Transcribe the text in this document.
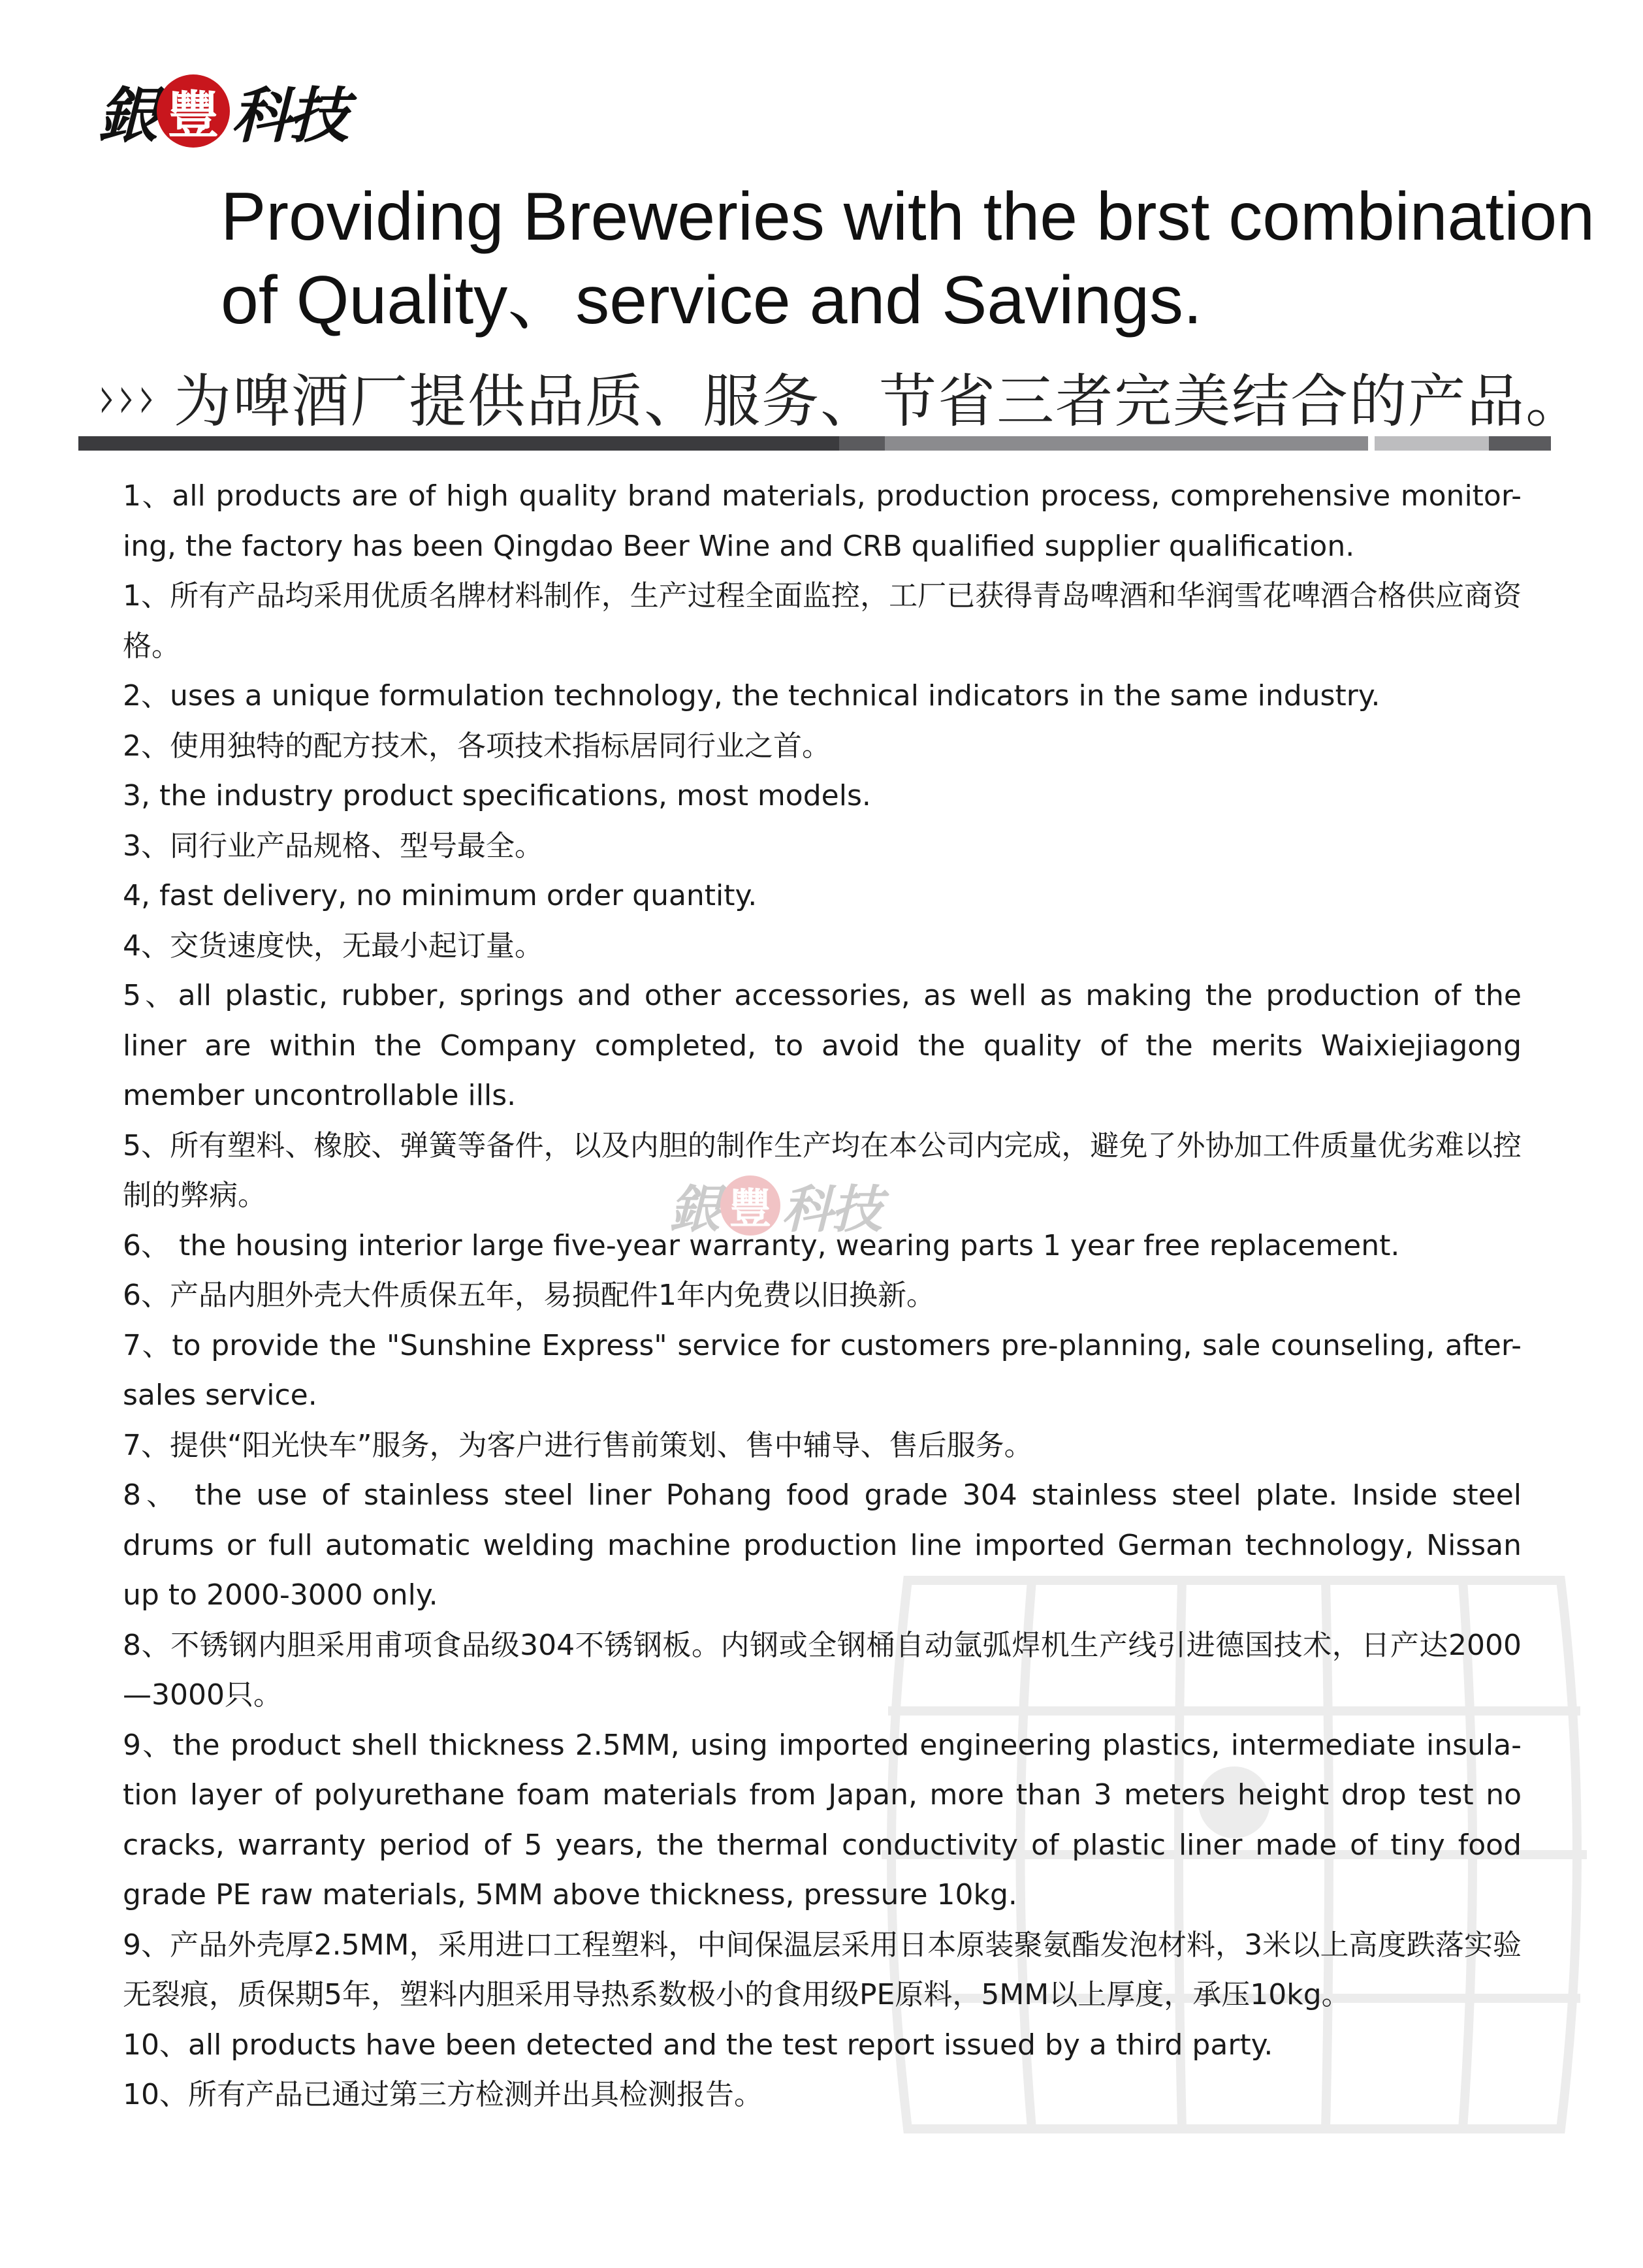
銀 豐 科技
Providing Breweries with the brst combination of Quality、service and Savings.
› › › 为啤酒厂提供品质、服务、节省三者完美结合的产品。
銀 豐 科技

1、all products are of high quality brand materials, production process, comprehensive monitor-ing, the factory has been Qingdao Beer Wine and CRB qualified supplier qualification.

1、所有产品均采用优质名牌材料制作，生产过程全面监控，工厂已获得青岛啤酒和华润雪花啤酒合格供应商资格。

2、uses a unique formulation technology, the technical indicators in the same industry.

2、使用独特的配方技术，各项技术指标居同行业之首。

3, the industry product specifications, most models.

3、同行业产品规格、型号最全。

4, fast delivery, no minimum order quantity.

4、交货速度快，无最小起订量。

5、all plastic, rubber, springs and other accessories, as well as making the production of the liner are within the Company completed, to avoid the quality of the merits Waixiejiagong member uncontrollable ills.

5、所有塑料、橡胶、弹簧等备件，以及内胆的制作生产均在本公司内完成，避免了外协加工件质量优劣难以控制的弊病。

6、 the housing interior large five-year warranty, wearing parts 1 year free replacement.

6、产品内胆外壳大件质保五年，易损配件1年内免费以旧换新。

7、to provide the "Sunshine Express" service for customers pre-planning, sale counseling, after-sales service.

7、提供“阳光快车”服务，为客户进行售前策划、售中辅导、售后服务。

8、 the use of stainless steel liner Pohang food grade 304 stainless steel plate. Inside steel drums or full automatic welding machine production line imported German technology, Nissan up to 2000-3000 only.

8、不锈钢内胆采用甫项食品级304不锈钢板。内钢或全钢桶自动氩弧焊机生产线引进德国技术，日产达2000—3000只。

9、the product shell thickness 2.5MM, using imported engineering plastics, intermediate insula-tion layer of polyurethane foam materials from Japan, more than 3 meters height drop test no cracks, warranty period of 5 years, the thermal conductivity of plastic liner made of tiny food grade PE raw materials, 5MM above thickness, pressure 10kg.

9、产品外壳厚2.5MM，采用进口工程塑料，中间保温层采用日本原装聚氨酯发泡材料，3米以上高度跌落实验无裂痕，质保期5年，塑料内胆采用导热系数极小的食用级PE原料，5MM以上厚度，承压10kg。

10、all products have been detected and the test report issued by a third party.

10、所有产品已通过第三方检测并出具检测报告。
